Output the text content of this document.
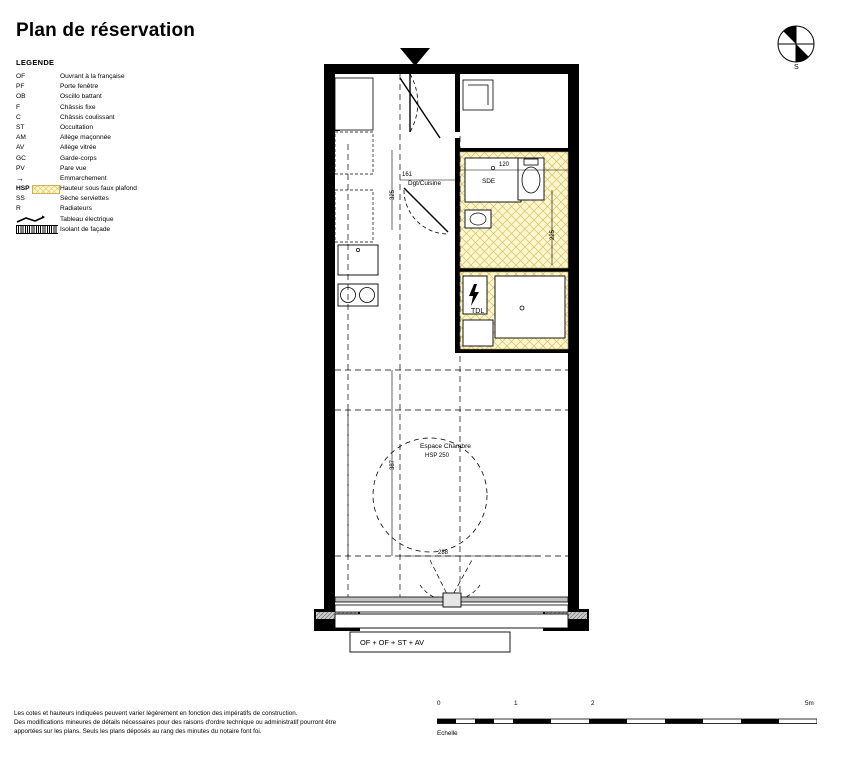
Plan de réservation
LEGENDE
OF	Ouvrant à la française
PF	Porte fenêtre
OB	Oscillo battant
F	Châssis fixe
C	Châssis coulissant
ST	Occultation
AM	Allège maçonnée
AV	Allège vitrée
GC	Garde-corps
PV	Pare vue
→	Emmarchement
HSP	Hauteur sous faux plafond
SS	Sèche serviettes
R	Radiateurs
Tableau électrique
Isolant de façade
S
Dgt/Cuisine	SDE
TDL
Espace Chambre
HSP 250
OF + OF + ST + AV
161
120
325
387
225
288
Les cotes et hauteurs indiquées peuvent varier légèrement en fonction des impératifs de construction.
Des modifications mineures de détails nécessaires pour des raisons d'ordre technique ou administratif pourront être
apportées sur les plans. Seuls les plans déposés au rang des minutes du notaire font foi.
0	1	2	5m
Echelle
